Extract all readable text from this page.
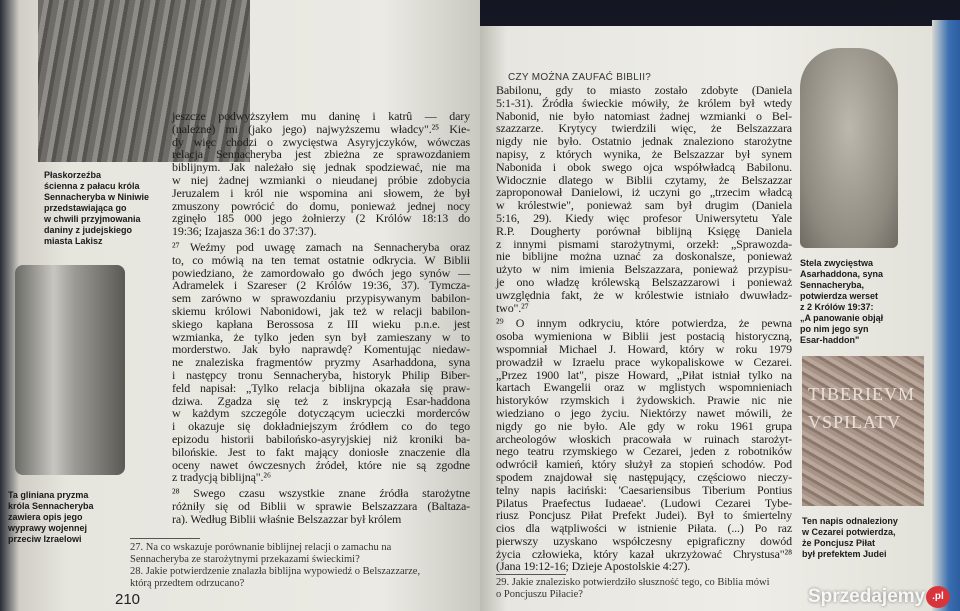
Płaskorzeźba
ścienna z pałacu króla
Sennacheryba w Niniwie
przedstawiająca go
w chwili przyjmowania
daniny z judejskiego
miasta Lakisz
Ta gliniana pryzma
króla Sennacheryba
zawiera opis jego
wyprawy wojennej
przeciw Izraelowi
jeszcze podwyższyłem mu daninę i katrû — dary
(należne) mi (jako jego) najwyższemu władcy".²⁵ Kie-
dy więc chodzi o zwycięstwa Asyryjczyków, wówczas
relacja Sennacheryba jest zbieżna ze sprawozdaniem
biblijnym. Jak należało się jednak spodziewać, nie ma
w niej żadnej wzmianki o nieudanej próbie zdobycia
Jeruzalem i król nie wspomina ani słowem, że był
zmuszony powrócić do domu, ponieważ jednej nocy
zginęło 185 000 jego żołnierzy (2 Królów 18:13 do
19:36; Izajasza 36:1 do 37:37).
²⁷ Weźmy pod uwagę zamach na Sennacheryba oraz
to, co mówią na ten temat ostatnie odkrycia. W Biblii
powiedziano, że zamordowało go dwóch jego synów —
Adramelek i Szareser (2 Królów 19:36, 37). Tymcza-
sem zarówno w sprawozdaniu przypisywanym babilon-
skiemu królowi Nabonidowi, jak też w relacji babilon-
skiego kapłana Berossosa z III wieku p.n.e. jest
wzmianka, że tylko jeden syn był zamieszany w to
morderstwo. Jak było naprawdę? Komentując niedaw-
ne znaleziska fragmentów pryzmy Asarhaddona, syna
i następcy tronu Sennacheryba, historyk Philip Biber-
feld napisał: „Tylko relacja biblijna okazała się praw-
dziwa. Zgadza się też z inskrypcją Esar-haddona
w każdym szczególe dotyczącym ucieczki morderców
i okazuje się dokładniejszym źródłem co do tego
epizodu historii babilońsko-asyryjskiej niż kroniki ba-
bilońskie. Jest to fakt mający doniosłe znaczenie dla
oceny nawet ówczesnych źródeł, które nie są zgodne
z tradycją biblijną".²⁶
²⁸ Swego czasu wszystkie znane źródła starożytne
różniły się od Biblii w sprawie Belszazzara (Baltaza-
ra). Według Biblii właśnie Belszazzar był królem
27. Na co wskazuje porównanie biblijnej relacji o zamachu na
Sennacheryba ze starożytnymi przekazami świeckimi?
28. Jakie potwierdzenie znalazła biblijna wypowiedź o Belszazzarze,
którą przedtem odrzucano?
210
CZY MOŻNA ZAUFAĆ BIBLII?
Babilonu, gdy to miasto zostało zdobyte (Daniela
5:1-31). Źródła świeckie mówiły, że królem był wtedy
Nabonid, nie było natomiast żadnej wzmianki o Bel-
szazzarze. Krytycy twierdzili więc, że Belszazzara
nigdy nie było. Ostatnio jednak znaleziono starożytne
napisy, z których wynika, że Belszazzar był synem
Nabonida i obok swego ojca współwładcą Babilonu.
Widocznie dlatego w Biblii czytamy, że Belszazzar
zaproponował Danielowi, iż uczyni go „trzecim władcą
w królestwie", ponieważ sam był drugim (Daniela
5:16, 29). Kiedy więc profesor Uniwersytetu Yale
R.P. Dougherty porównał biblijną Księgę Daniela
z innymi pismami starożytnymi, orzekł: „Sprawozda-
nie biblijne można uznać za doskonalsze, ponieważ
użyto w nim imienia Belszazzara, ponieważ przypisu-
je ono władzę królewską Belszazzarowi i ponieważ
uwzględnia fakt, że w królestwie istniało dwuwładz-
two".²⁷
²⁹ O innym odkryciu, które potwierdza, że pewna
osoba wymieniona w Biblii jest postacią historyczną,
wspomniał Michael J. Howard, który w roku 1979
prowadził w Izraelu prace wykopaliskowe w Cezarei.
„Przez 1900 lat", pisze Howard, „Piłat istniał tylko na
kartach Ewangelii oraz w mglistych wspomnieniach
historyków rzymskich i żydowskich. Prawie nic nie
wiedziano o jego życiu. Niektórzy nawet mówili, że
nigdy go nie było. Ale gdy w roku 1961 grupa
archeologów włoskich pracowała w ruinach starożyt-
nego teatru rzymskiego w Cezarei, jeden z robotników
odwrócił kamień, który służył za stopień schodów. Pod
spodem znajdował się następujący, częściowo nieczy-
telny napis łaciński: 'Caesariensibus Tiberium Pontius
Pilatus Praefectus Iudaeae'. (Ludowi Cezarei Tybe-
riusz Poncjusz Piłat Prefekt Judei). Był to śmiertelny
cios dla wątpliwości w istnienie Piłata. (...) Po raz
pierwszy uzyskano współczesny epigraficzny dowód
życia człowieka, który kazał ukrzyżować Chrystusa"²⁸
(Jana 19:12-16; Dzieje Apostolskie 4:27).
29. Jakie znalezisko potwierdziło słuszność tego, co Biblia mówi
o Poncjuszu Piłacie?
Stela zwycięstwa
Asarhaddona, syna
Sennacheryba,
potwierdza werset
z 2 Królów 19:37:
„A panowanie objął
po nim jego syn
Esar-haddon"
TIBERIEVM
VSPILATV
Ten napis odnaleziony
w Cezarei potwierdza,
że Poncjusz Piłat
był prefektem Judei
Sprzedajemy .pl
